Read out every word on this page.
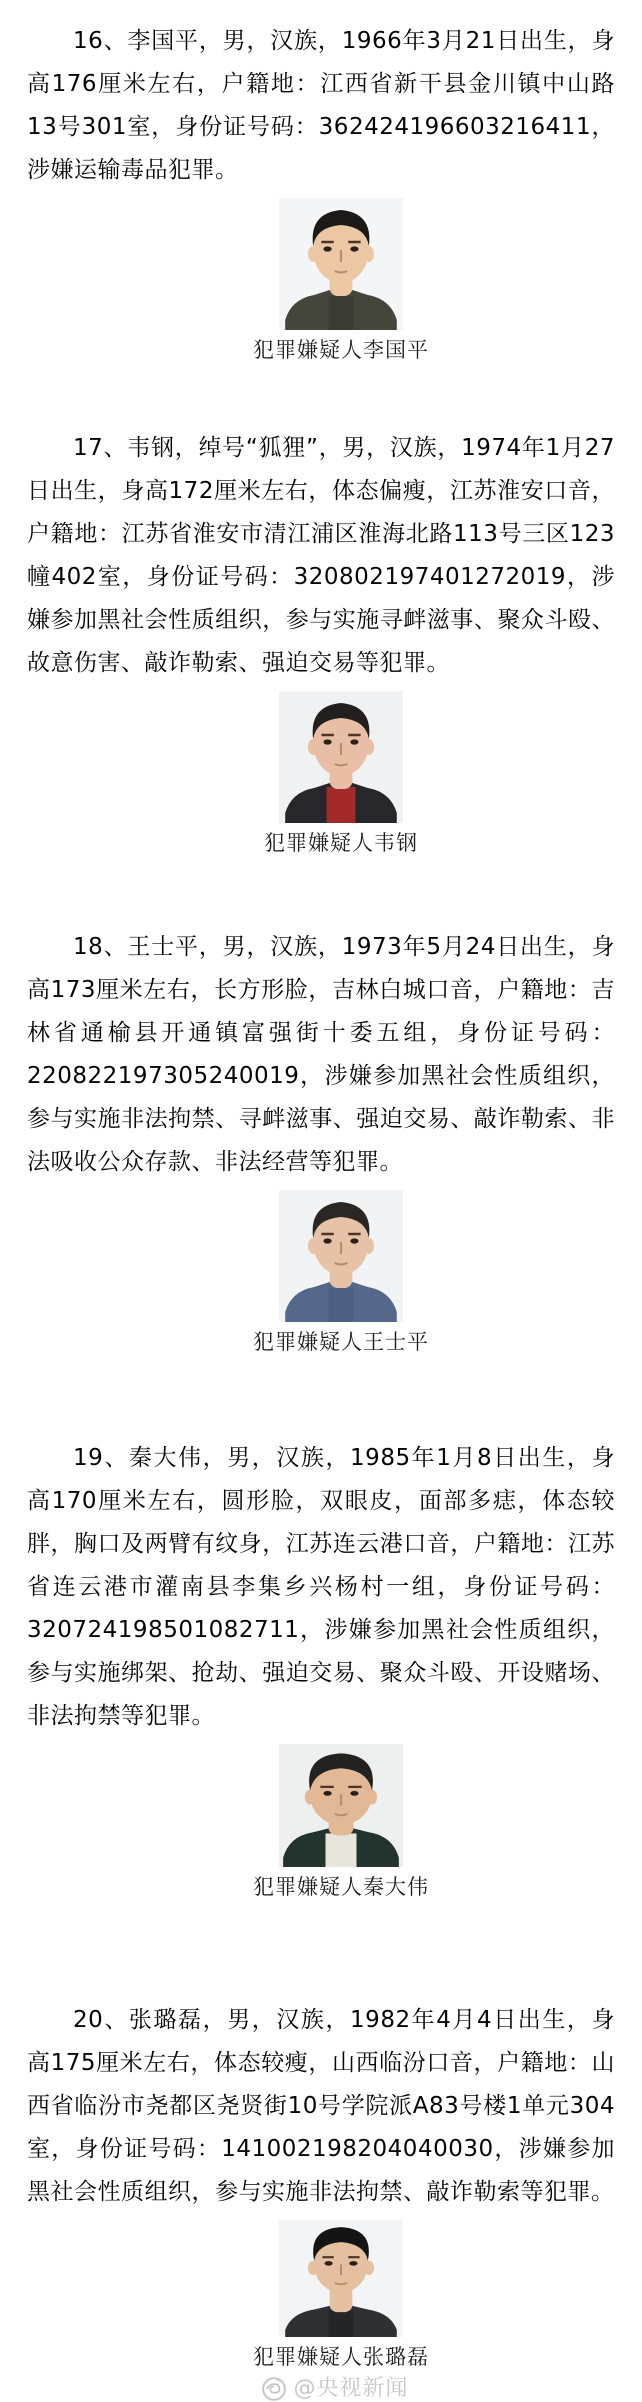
16、李国平，男，汉族，1966年3月21日出生，身高176厘米左右，户籍地：江西省新干县金川镇中山路13号301室，身份证号码：362424196603216411，涉嫌运输毒品犯罪。

犯罪嫌疑人李国平

17、韦钢，绰号“狐狸”，男，汉族，1974年1月27日出生，身高172厘米左右，体态偏瘦，江苏淮安口音，户籍地：江苏省淮安市清江浦区淮海北路113号三区123幢402室，身份证号码：320802197401272019，涉嫌参加黑社会性质组织，参与实施寻衅滋事、聚众斗殴、故意伤害、敲诈勒索、强迫交易等犯罪。

犯罪嫌疑人韦钢

18、王士平，男，汉族，1973年5月24日出生，身高173厘米左右，长方形脸，吉林白城口音，户籍地：吉林省通榆县开通镇富强街十委五组，身份证号码：220822197305240019，涉嫌参加黑社会性质组织，参与实施非法拘禁、寻衅滋事、强迫交易、敲诈勒索、非法吸收公众存款、非法经营等犯罪。

犯罪嫌疑人王士平

19、秦大伟，男，汉族，1985年1月8日出生，身高170厘米左右，圆形脸，双眼皮，面部多痣，体态较胖，胸口及两臂有纹身，江苏连云港口音，户籍地：江苏省连云港市灌南县李集乡兴杨村一组，身份证号码：320724198501082711，涉嫌参加黑社会性质组织，参与实施绑架、抢劫、强迫交易、聚众斗殴、开设赌场、非法拘禁等犯罪。

犯罪嫌疑人秦大伟

20、张璐磊，男，汉族，1982年4月4日出生，身高175厘米左右，体态较瘦，山西临汾口音，户籍地：山西省临汾市尧都区尧贤街10号学院派A83号楼1单元304室，身份证号码：141002198204040030，涉嫌参加黑社会性质组织，参与实施非法拘禁、敲诈勒索等犯罪。

犯罪嫌疑人张璐磊
@央视新闻
